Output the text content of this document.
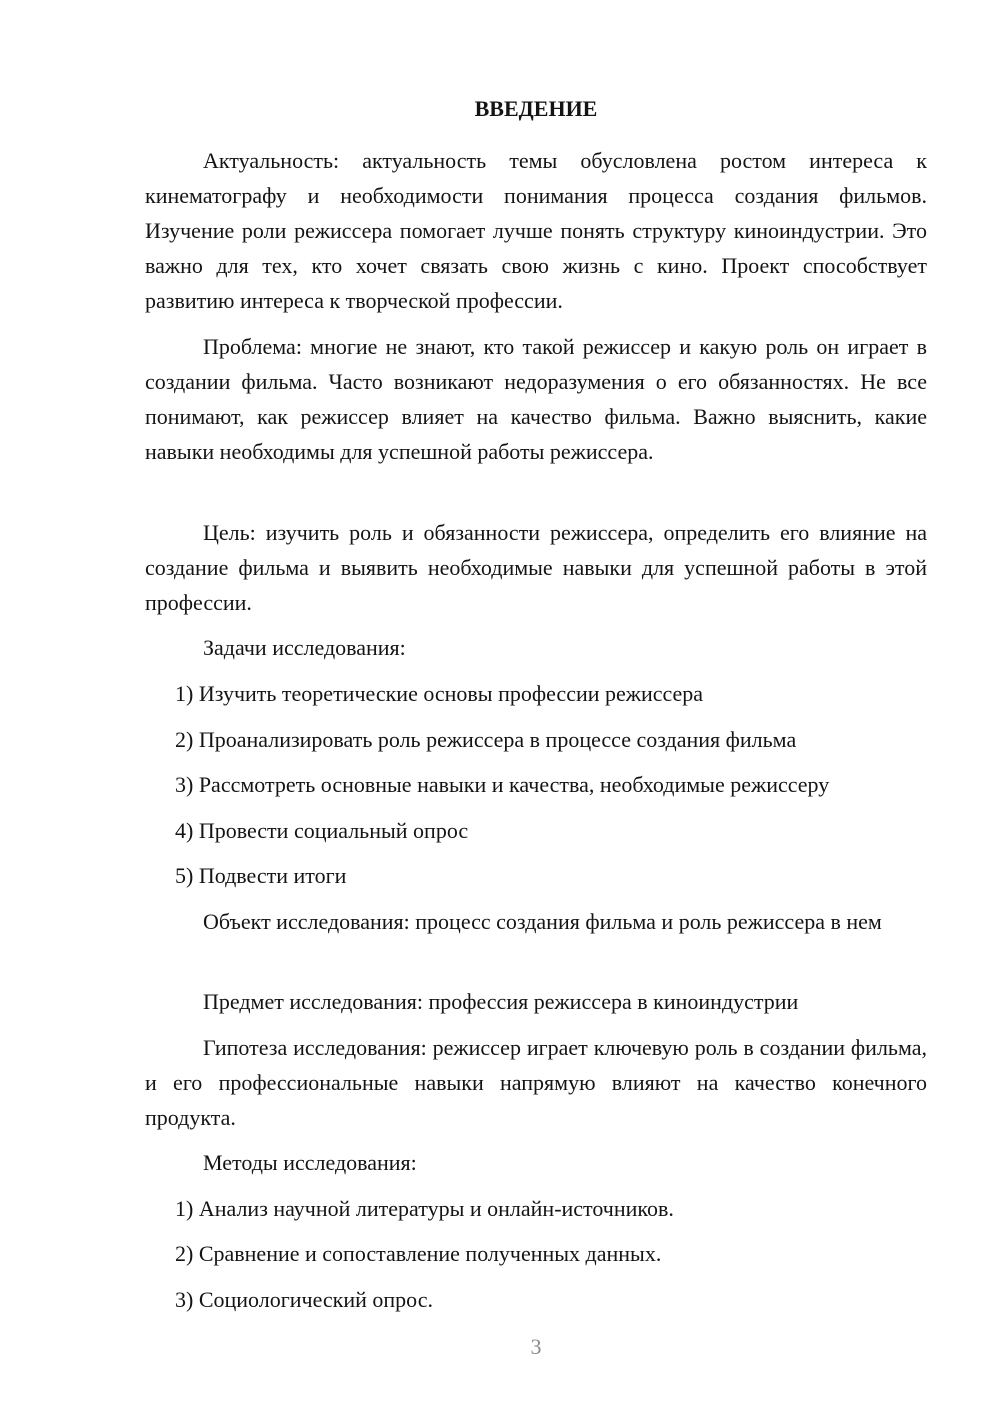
ВВЕДЕНИЕ

Актуальность: актуальность темы обусловлена ростом интереса к кинематографу и необходимости понимания процесса создания фильмов. Изучение роли режиссера помогает лучше понять структуру киноиндустрии. Это важно для тех, кто хочет связать свою жизнь с кино. Проект способствует развитию интереса к творческой профессии.

Проблема: многие не знают, кто такой режиссер и какую роль он играет в создании фильма. Часто возникают недоразумения о его обязанностях. Не все понимают, как режиссер влияет на качество фильма. Важно выяснить, какие навыки необходимы для успешной работы режиссера.

Цель: изучить роль и обязанности режиссера, определить его влияние на создание фильма и выявить необходимые навыки для успешной работы в этой профессии.

Задачи исследования:

1) Изучить теоретические основы профессии режиссера

2) Проанализировать роль режиссера в процессе создания фильма

3) Рассмотреть основные навыки и качества, необходимые режиссеру

4) Провести социальный опрос

5) Подвести итоги

Объект исследования: процесс создания фильма и роль режиссера в нем

Предмет исследования: профессия режиссера в киноиндустрии

Гипотеза исследования: режиссер играет ключевую роль в создании фильма, и его профессиональные навыки напрямую влияют на качество конечного продукта.

Методы исследования:

1) Анализ научной литературы и онлайн-источников.

2) Сравнение и сопоставление полученных данных.

3) Социологический опрос.

3
